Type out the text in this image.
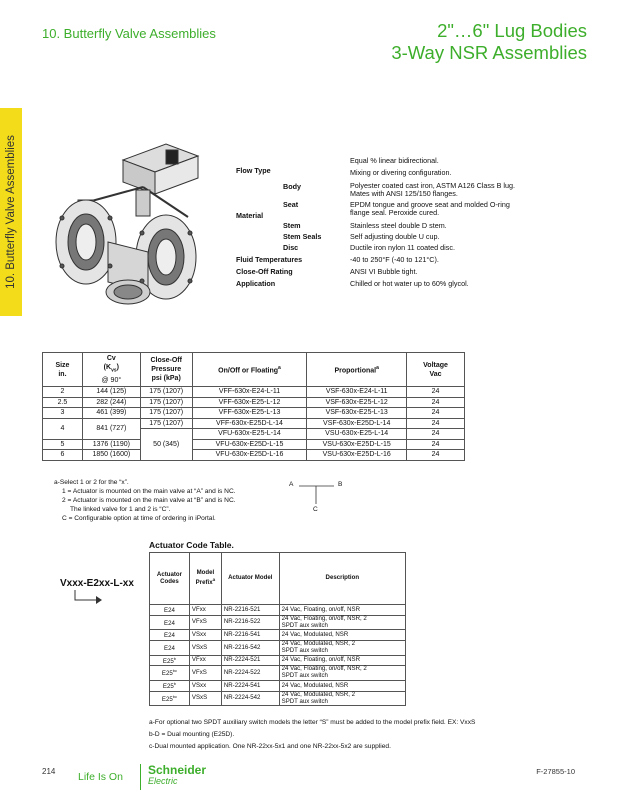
10. Butterfly Valve Assemblies	2"…6" Lug Bodies
3-Way NSR Assemblies
10. Butterfly Valve Assemblies	Flow Type
Equal % linear bidirectional.
Mixing or divering configuration.
Material
Body	Polyester coated cast iron, ASTM A126 Class B lug.
Mates with ANSI 125/150 flanges.
Seat	EPDM tongue and groove seat and molded O-ring
flange seal. Peroxide cured.
Stem	Stainless steel double D stem.
Stem Seals	Self adjusting double U cup.
Disc	Ductile iron nylon 11 coated disc.
Fluid Temperatures	-40 to 250°F (-40 to 121°C).
Close-Off Rating	ANSI VI Bubble tight.
Application	Chilled or hot water up to 60% glycol.
Size
in.	Cv
$(K_{vs})$
@ 90°	Close-Off
Pressure
psi (kPa)	On/Off or Floating$^a$	Proportional$^a$	Voltage
Vac
2	144 (125)	175 (1207)	VFF-630x-E24-L-11	VSF-630x-E24-L-11	24
2.5	282 (244)	175 (1207)	VFF-630x-E25-L-12	VSF-630x-E25-L-12	24
3	461 (399)	175 (1207)	VFF-630x-E25-L-13	VSF-630x-E25-L-13	24
4	841 (727)	175 (1207)	VFF-630x-E25D-L-14	VSF-630x-E25D-L-14	24
		50 (345)	VFU-630x-E25-L-14	VSU-630x-E25-L-14	24
5	1376 (1190)		VFU-630x-E25D-L-15	VSU-630x-E25D-L-15	24
6	1850 (1600)		VFU-630x-E25D-L-16	VSU-630x-E25D-L-16	24
a-Select 1 or 2 for the “x”.
1 = Actuator is mounted on the main valve at “A” and is NC.
2 = Actuator is mounted on the main valve at “B” and is NC.
The linked valve for 1 and 2 is “C”.
C = Configurable option at time of ordering in iPortal.
A	B
C
Actuator Code Table.
Vxxx-E2xx-L-xx
Actuator
Codes	Model
Prefix$^a$	Actuator Model	Description
E24	VFxx	NR-2216-521	24 Vac, Floating, on/off, NSR
E24	VFxS	NR-2216-522	24 Vac, Floating, on/off, NSR, 2
SPDT aux switch
E24	VSxx	NR-2216-541	24 Vac, Modulated, NSR
E24	VSxS	NR-2216-542	24 Vac, Modulated, NSR, 2
SPDT aux switch
E25$^b$	VFxx	NR-2224-521	24 Vac, Floating, on/off, NSR
$E25^{bc}$	VFxS	NR-2224-522	24 Vac, Floating, on/off, NSR, 2
SPDT aux switch
E25$^b$	VSxx	NR-2224-541	24 Vac, Modulated, NSR
$E25^{bc}$	VSxS	NR-2224-542	24 Vac, Modulated, NSR, 2
SPDT aux switch
a-For optional two SPDT auxiliary switch models the letter “S” must be added to the model prefix field. EX: VxxS
b-D = Dual mounting (E25D).
c-Dual mounted application. One NR-22xx-5x1 and one NR-22xx-5x2 are supplied.
214 Life Is On Schneider
Electric
F-27855-10
